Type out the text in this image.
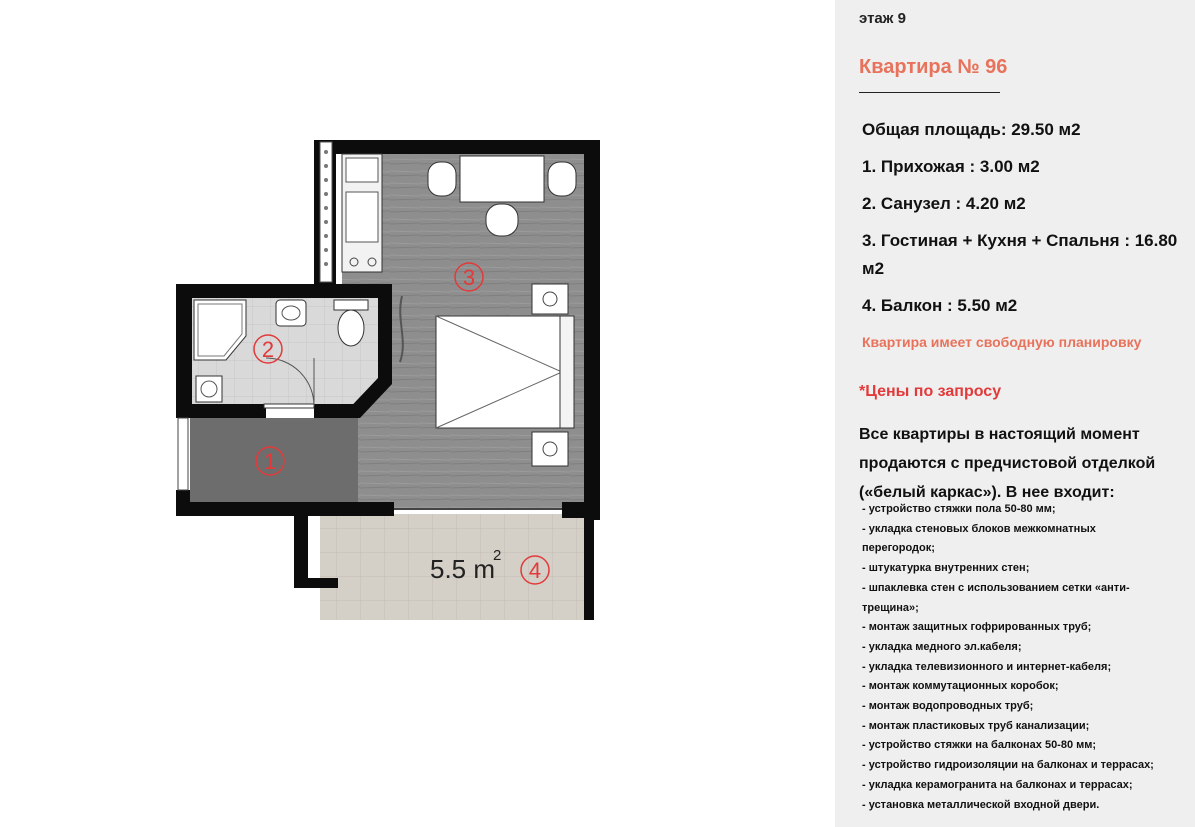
3
2
1
4
5.5 m
2
этаж 9
Квартира № 96
Общая площадь: 29.50 м2
1. Прихожая : 3.00 м2
2. Санузел : 4.20 м2
3. Гостиная + Кухня + Спальня : 16.80 м2
4. Балкон : 5.50 м2
Квартира имеет свободную планировку
*Цены по запросу
Все квартиры в настоящий момент продаются с предчистовой отделкой («белый каркас»). В нее входит:
- устройство стяжки пола 50-80 мм;
- укладка стеновых блоков межкомнатных перегородок;
- штукатурка внутренних стен;
- шпаклевка стен с использованием сетки «анти-трещина»;
- монтаж защитных гофрированных труб;
- укладка медного эл.кабеля;
- укладка телевизионного и интернет-кабеля;
- монтаж коммутационных коробок;
- монтаж водопроводных труб;
- монтаж пластиковых труб канализации;
- устройство стяжки на балконах 50-80 мм;
- устройство гидроизоляции на балконах и террасах;
- укладка керамогранита на балконах и террасах;
- установка металлической входной двери.
